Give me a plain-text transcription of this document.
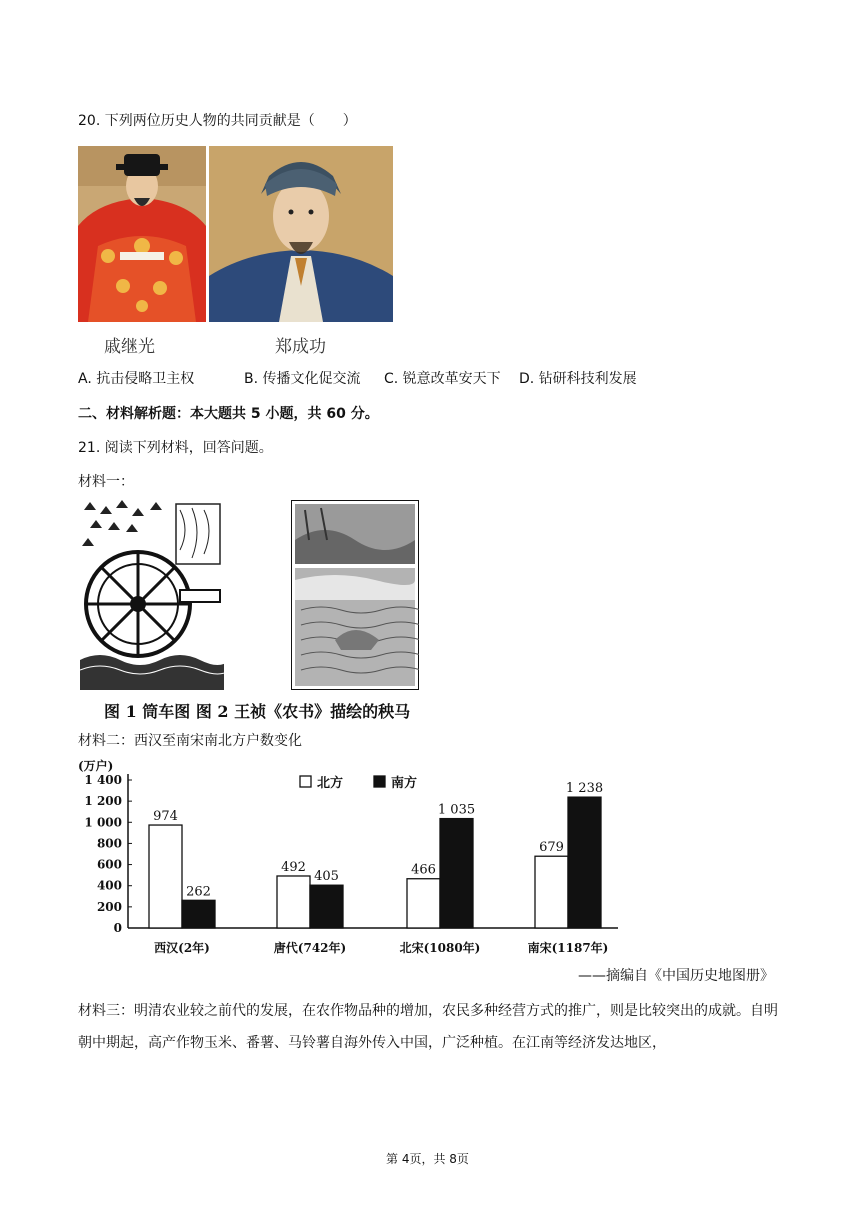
20. 下列两位历史人物的共同贡献是（　　）
戚继光	郑成功
A. 抗击侵略卫主权	B. 传播文化促交流 C. 锐意改革安天下 D. 钻研科技利发展
二、材料解析题：本大题共 5 小题，共 60 分。
21. 阅读下列材料，回答问题。
材料一：
图 1 筒车图 图 2 王祯《农书》描绘的秧马
材料二：西汉至南宋南北方户数变化
(万户)
0
200
400
600
800
1 000
1 200
1 400
974
262
西汉(2年)
492
405
唐代(742年)
466
1 035
北宋(1080年)
679
1 238
南宋(1187年)
北方	南方
——摘编自《中国历史地图册》
材料三：明清农业较之前代的发展，在农作物品种的增加，农民多种经营方式的推广，则是比较突出的成就。自明朝中期起，高产作物玉米、番薯、马铃薯自海外传入中国，广泛种植。在江南等经济发达地区，
第 4页，共 8页
